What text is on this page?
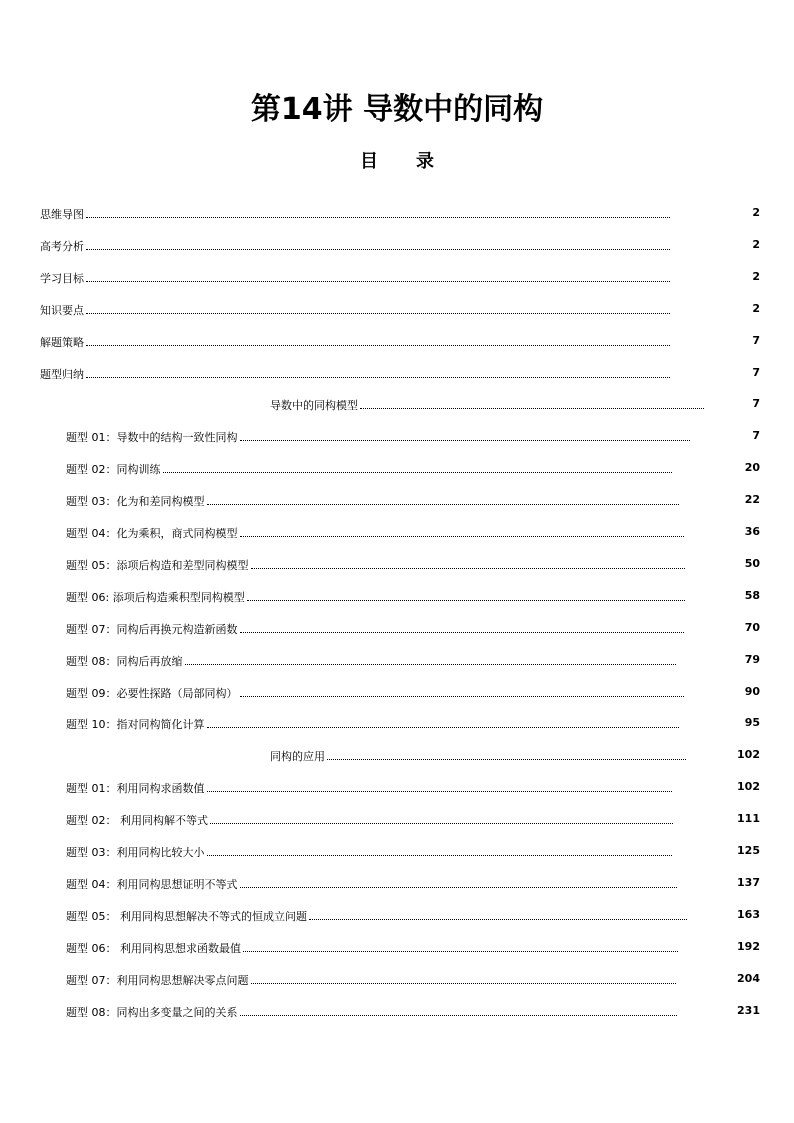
第14讲 导数中的同构
目 录
思维导图	2
高考分析	2
学习目标	2
知识要点	2
解题策略	7
题型归纳	7
导数中的同构模型	7
题型 01：导数中的结构一致性同构	7
题型 02：同构训练	20
题型 03：化为和差同构模型	22
题型 04：化为乘积，商式同构模型	36
题型 05：添项后构造和差型同构模型	50
题型 06: 添项后构造乘积型同构模型	58
题型 07：同构后再换元构造新函数	70
题型 08：同构后再放缩	79
题型 09：必要性探路（局部同构）	90
题型 10：指对同构简化计算	95
同构的应用	102
题型 01：利用同构求函数值	102
题型 02： 利用同构解不等式	111
题型 03：利用同构比较大小	125
题型 04：利用同构思想证明不等式	137
题型 05： 利用同构思想解决不等式的恒成立问题	163
题型 06： 利用同构思想求函数最值	192
题型 07：利用同构思想解决零点问题	204
题型 08：同构出多变量之间的关系	231
